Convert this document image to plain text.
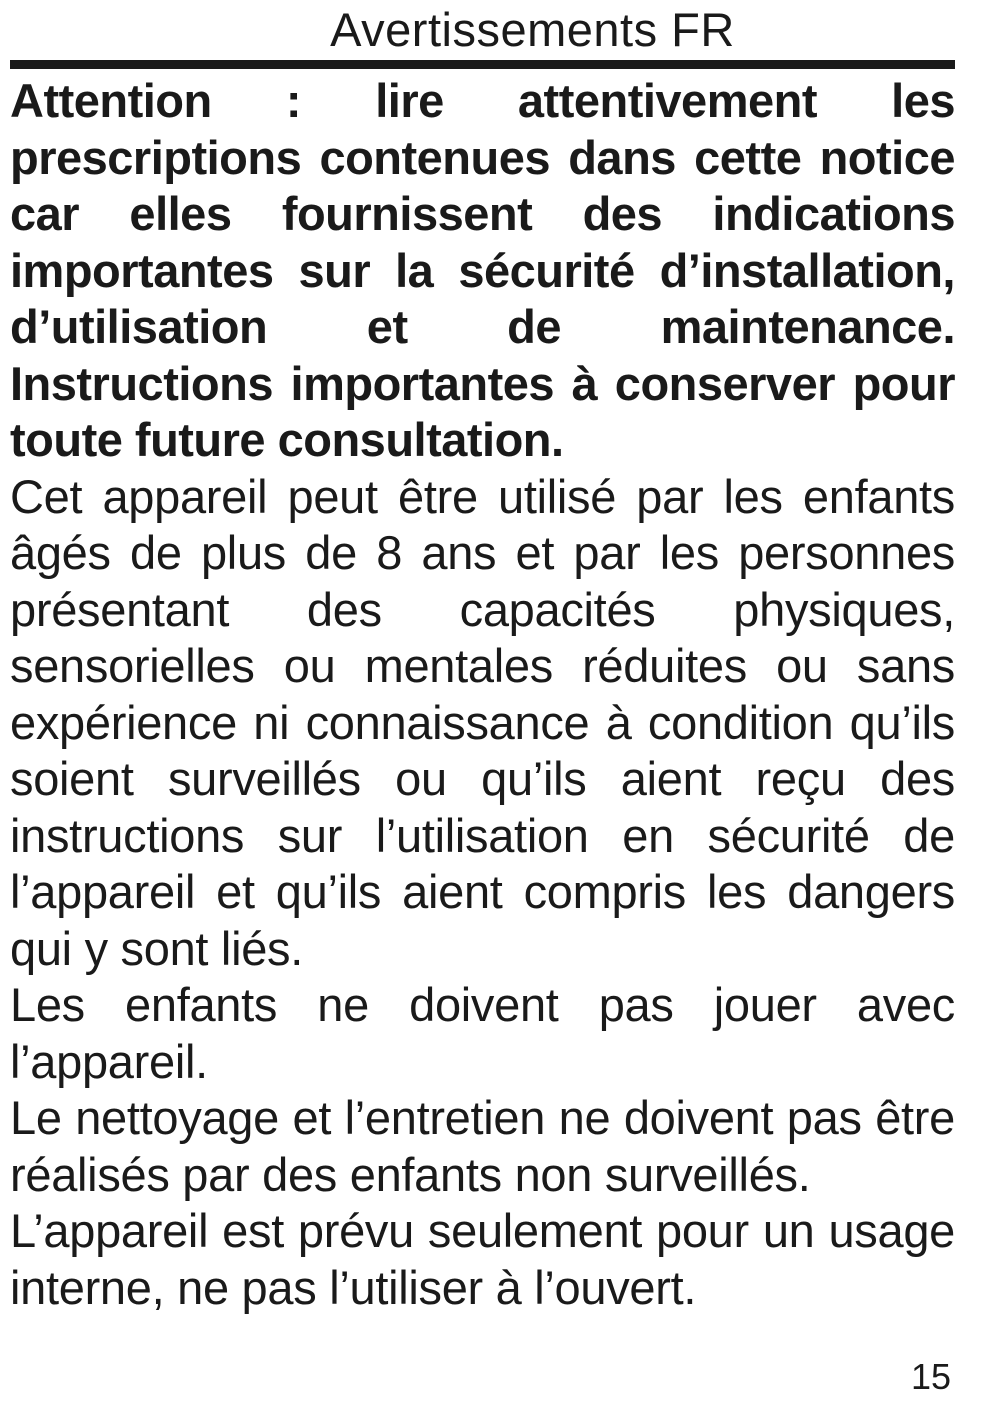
Avertissements FR

Attention : lire attentivement les prescriptions contenues dans cette notice car elles fournissent des indications importantes sur la sécurité d’installation, d’utilisation et de maintenance. Instructions importantes à conserver pour toute future consultation.

Cet appareil peut être utilisé par les enfants âgés de plus de 8 ans et par les personnes présentant des capacités physiques, sensorielles ou mentales réduites ou sans expérience ni connaissance à condition qu’ils soient surveillés ou qu’ils aient reçu des instructions sur l’utilisation en sécurité de l’appareil et qu’ils aient compris les dangers qui y sont liés.

Les enfants ne doivent pas jouer avec l’appareil.

Le nettoyage et l’entretien ne doivent pas être réalisés par des enfants non surveillés.

L’appareil est prévu seulement pour un usage interne, ne pas l’utiliser à l’ouvert.

15
